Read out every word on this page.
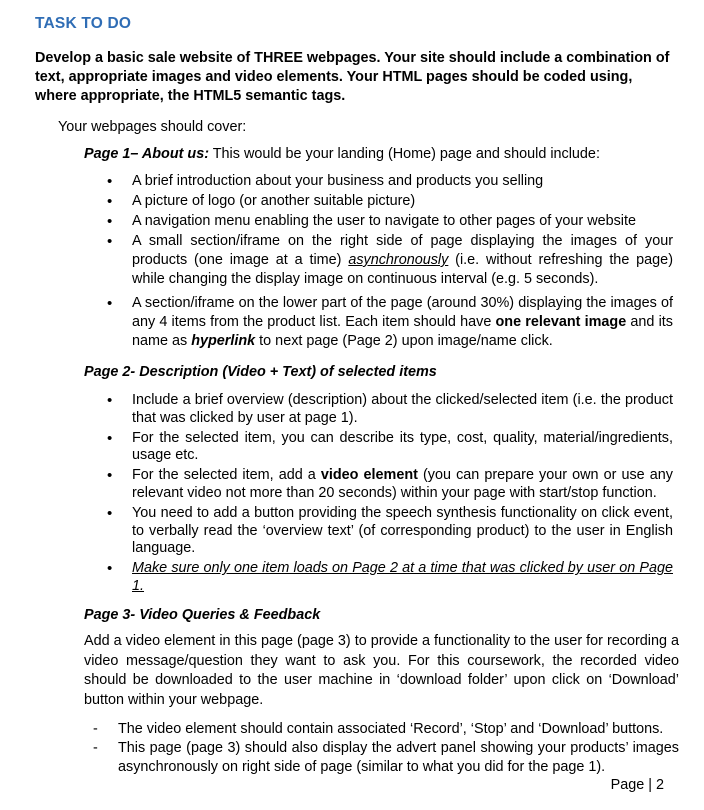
TASK TO DO

Develop a basic sale website of THREE webpages. Your site should include a combination of text, appropriate images and video elements. Your HTML pages should be coded using, where appropriate, the HTML5 semantic tags.

Your webpages should cover:

Page 1– About us: This would be your landing (Home) page and should include:

• A brief introduction about your business and products you selling
• A picture of logo (or another suitable picture)
• A navigation menu enabling the user to navigate to other pages of your website
• A small section/iframe on the right side of page displaying the images of your products (one image at a time) asynchronously (i.e. without refreshing the page) while changing the display image on continuous interval (e.g. 5 seconds).
• A section/iframe on the lower part of the page (around 30%) displaying the images of any 4 items from the product list. Each item should have one relevant image and its name as hyperlink to next page (Page 2) upon image/name click.

Page 2- Description (Video + Text) of selected items

• Include a brief overview (description) about the clicked/selected item (i.e. the product that was clicked by user at page 1).
• For the selected item, you can describe its type, cost, quality, material/ingredients, usage etc.
• For the selected item, add a video element (you can prepare your own or use any relevant video not more than 20 seconds) within your page with start/stop function.
• You need to add a button providing the speech synthesis functionality on click event, to verbally read the ‘overview text’ (of corresponding product) to the user in English language.
• Make sure only one item loads on Page 2 at a time that was clicked by user on Page 1.

Page 3- Video Queries & Feedback

Add a video element in this page (page 3) to provide a functionality to the user for recording a video message/question they want to ask you. For this coursework, the recorded video should be downloaded to the user machine in ‘download folder’ upon click on ‘Download’ button within your webpage.

- The video element should contain associated ‘Record’, ‘Stop’ and ‘Download’ buttons.
- This page (page 3) should also display the advert panel showing your products’ images asynchronously on right side of page (similar to what you did for the page 1).

Page | 2
